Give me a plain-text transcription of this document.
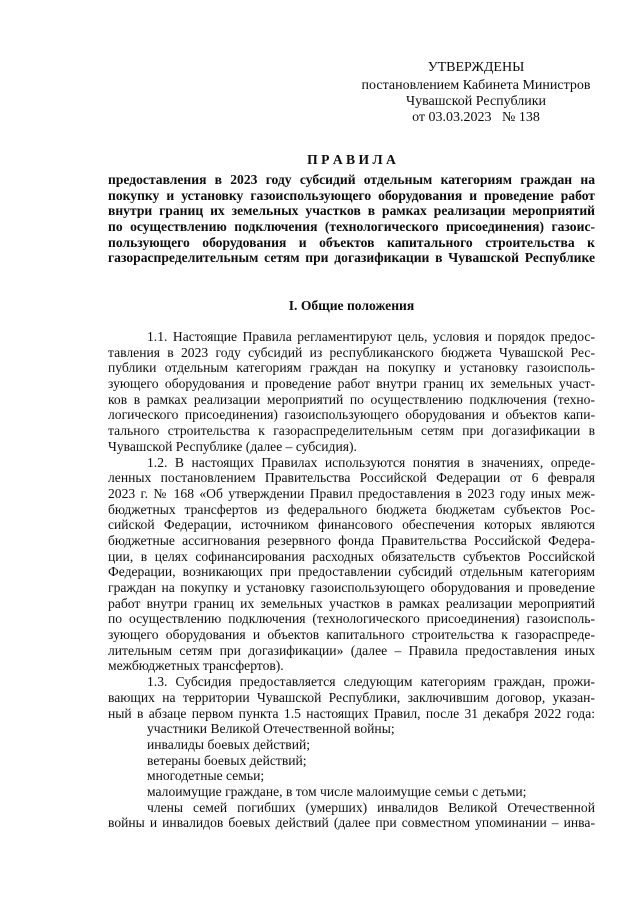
УТВЕРЖДЕНЫ
постановлением Кабинета Министров
Чувашской Республики
от 03.03.2023   № 138
П Р А В И Л А
предоставления в 2023 году субсидий отдельным категориям граждан на
покупку и установку газоиспользующего оборудования и проведение работ
внутри границ их земельных участков в рамках реализации мероприятий
по осуществлению подключения (технологического присоединения) газоис-
пользующего оборудования и объектов капитального строительства к
газораспределительным сетям при догазификации в Чувашской Республике
I. Общие положения
1.1. Настоящие Правила регламентируют цель, условия и порядок предос-
тавления в 2023 году субсидий из республиканского бюджета Чувашской Рес-
публики отдельным категориям граждан на покупку и установку газоисполь-
зующего оборудования и проведение работ внутри границ их земельных участ-
ков в рамках реализации мероприятий по осуществлению подключения (техно-
логического присоединения) газоиспользующего оборудования и объектов капи-
тального строительства к газораспределительным сетям при догазификации в
Чувашской Республике (далее – субсидия).
1.2. В настоящих Правилах используются понятия в значениях, опреде-
ленных постановлением Правительства Российской Федерации от 6 февраля
2023 г. № 168 «Об утверждении Правил предоставления в 2023 году иных меж-
бюджетных трансфертов из федерального бюджета бюджетам субъектов Рос-
сийской Федерации, источником финансового обеспечения которых являются
бюджетные ассигнования резервного фонда Правительства Российской Федера-
ции, в целях софинансирования расходных обязательств субъектов Российской
Федерации, возникающих при предоставлении субсидий отдельным категориям
граждан на покупку и установку газоиспользующего оборудования и проведение
работ внутри границ их земельных участков в рамках реализации мероприятий
по осуществлению подключения (технологического присоединения) газоисполь-
зующего оборудования и объектов капитального строительства к газораспреде-
лительным сетям при догазификации» (далее – Правила предоставления иных
межбюджетных трансфертов).
1.3. Субсидия предоставляется следующим категориям граждан, прожи-
вающих на территории Чувашской Республики, заключившим договор, указан-
ный в абзаце первом пункта 1.5 настоящих Правил, после 31 декабря 2022 года:
участники Великой Отечественной войны;
инвалиды боевых действий;
ветераны боевых действий;
многодетные семьи;
малоимущие граждане, в том числе малоимущие семьи с детьми;
члены семей погибших (умерших) инвалидов Великой Отечественной
войны и инвалидов боевых действий (далее при совместном упоминании – инва-
